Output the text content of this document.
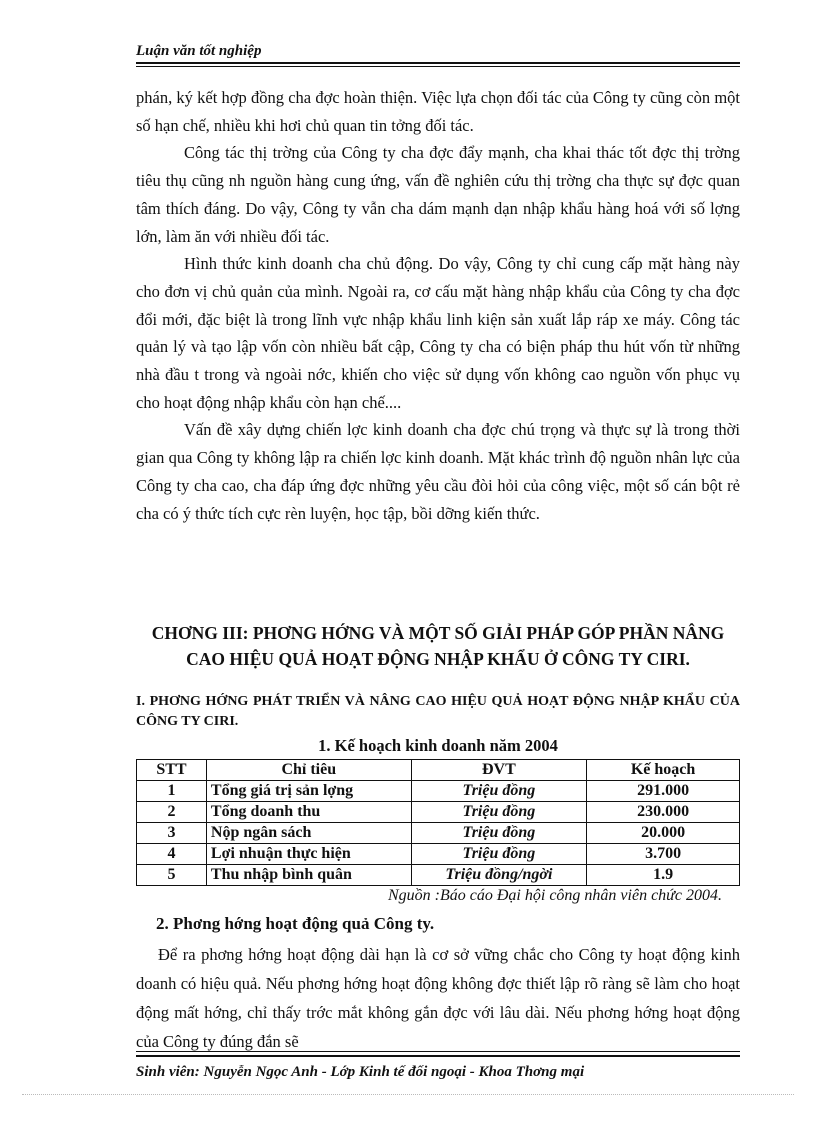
Luận văn tốt nghiệp

phán, ký kết hợp đồng cha đợc hoàn thiện. Việc lựa chọn đối tác của Công ty cũng còn một số hạn chế, nhiều khi hơi chủ quan tin tởng đối tác.

Công tác thị trờng của Công ty cha đợc đẩy mạnh, cha khai thác tốt đợc thị trờng tiêu thụ cũng nh nguồn hàng cung ứng, vấn đề nghiên cứu thị trờng cha thực sự đợc quan tâm thích đáng. Do vậy, Công ty vẫn cha dám mạnh dạn nhập khẩu hàng hoá với số lợng lớn, làm ăn với nhiều đối tác.

Hình thức kinh doanh cha chủ động. Do vậy, Công ty chỉ cung cấp mặt hàng này cho đơn vị chủ quản của mình. Ngoài ra, cơ cấu mặt hàng nhập khẩu của Công ty cha đợc đổi mới, đặc biệt là trong lĩnh vực nhập khẩu linh kiện sản xuất lắp ráp xe máy. Công tác quản lý và tạo lập vốn còn nhiều bất cập, Công ty cha có biện pháp thu hút vốn từ những nhà đầu t trong và ngoài nớc, khiến cho việc sử dụng vốn không cao nguồn vốn phục vụ cho hoạt động nhập khẩu còn hạn chế....

Vấn đề xây dựng chiến lợc kinh doanh cha đợc chú trọng và thực sự là trong thời gian qua Công ty không lập ra chiến lợc kinh doanh. Mặt khác trình độ nguồn nhân lực của Công ty cha cao, cha đáp ứng đợc những yêu cầu đòi hỏi của công việc, một số cán bột rẻ cha có ý thức tích cực rèn luyện, học tập, bồi dỡng kiến thức.

CHƠNG III: PHƠNG HỚNG VÀ MỘT SỐ GIẢI PHÁP GÓP PHẦN NÂNG CAO HIỆU QUẢ HOẠT ĐỘNG NHẬP KHẨU Ở CÔNG TY CIRI.
I. PHƠNG HỚNG PHÁT TRIỂN VÀ NÂNG CAO HIỆU QUẢ HOẠT ĐỘNG NHẬP KHẨU CỦA CÔNG TY CIRI.
1. Kế hoạch kinh doanh năm 2004
STT	Chỉ tiêu	ĐVT	Kế hoạch
1	Tổng giá trị sản lợng	Triệu đồng	291.000
2	Tổng doanh thu	Triệu đồng	230.000
3	Nộp ngân sách	Triệu đồng	20.000
4	Lợi nhuận thực hiện	Triệu đồng	3.700
5	Thu nhập bình quân	Triệu đồng/ngời	1.9
Nguồn :Báo cáo Đại hội công nhân viên chức 2004.
2. Phơng hớng hoạt động quả Công ty.

Để ra phơng hớng hoạt động dài hạn là cơ sở vững chắc cho Công ty hoạt động kinh doanh có hiệu quả. Nếu phơng hớng hoạt động không đợc thiết lập rõ ràng sẽ làm cho hoạt động mất hớng, chỉ thấy trớc mắt không gắn đợc với lâu dài. Nếu phơng hớng hoạt động của Công ty đúng đắn sẽ

Sinh viên: Nguyễn Ngọc Anh - Lớp Kinh tế đối ngoại - Khoa Thơng mại
